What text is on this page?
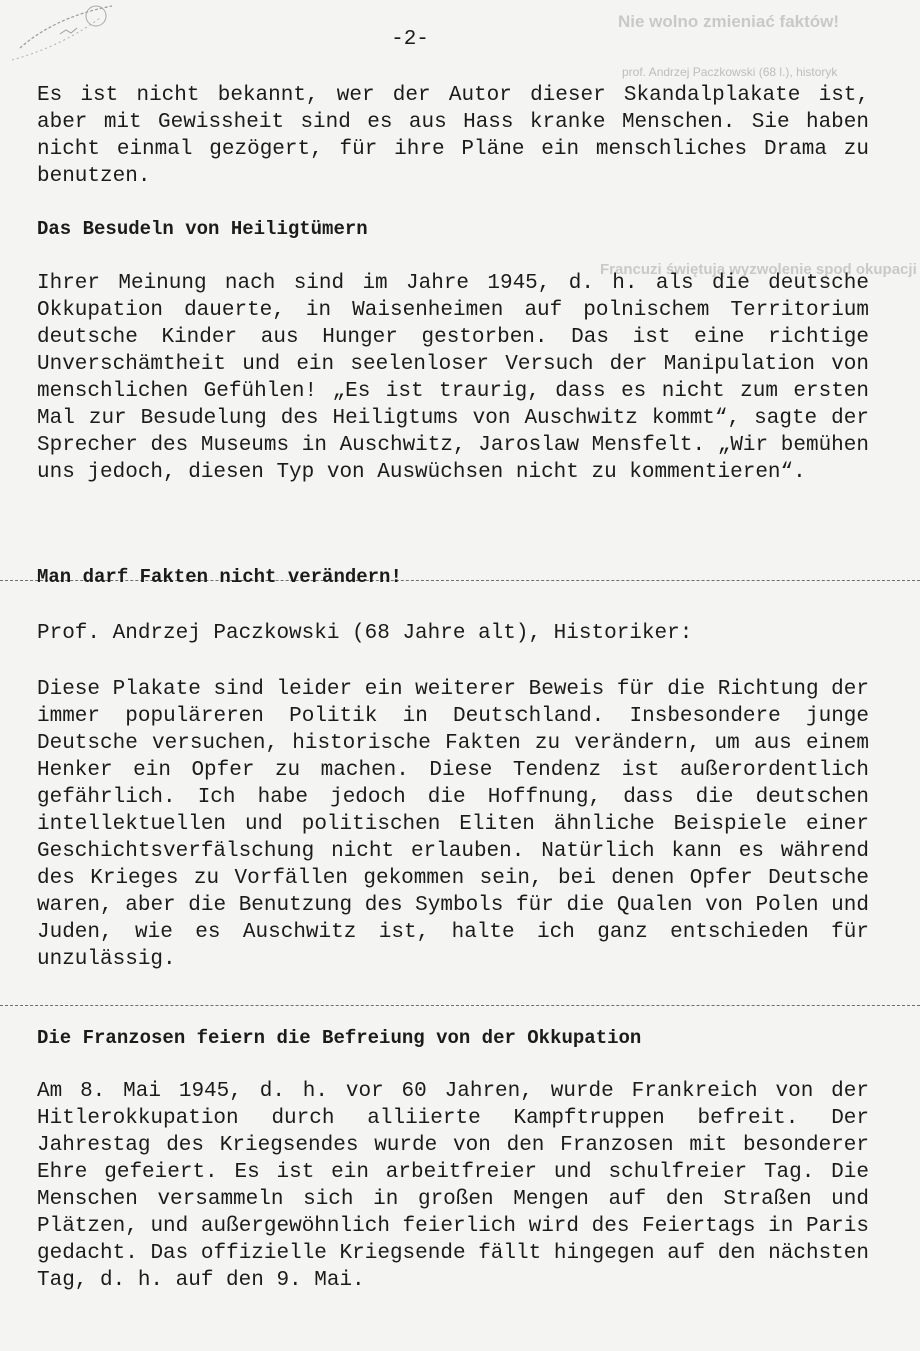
Nie wolno zmieniać faktów!
prof. Andrzej Paczkowski (68 l.), historyk
Francuzi świętują wyzwolenie spod okupacji
-2-

Es ist nicht bekannt, wer der Autor dieser Skandalplakate ist, aber mit Gewissheit sind es aus Hass kranke Menschen. Sie haben nicht einmal gezögert, für ihre Pläne ein menschliches Drama zu benutzen.

Das Besudeln von Heiligtümern

Ihrer Meinung nach sind im Jahre 1945, d. h. als die deutsche Okkupation dauerte, in Waisenheimen auf polnischem Territorium deutsche Kinder aus Hunger gestorben. Das ist eine richtige Unverschämtheit und ein seelenloser Versuch der Manipulation von menschlichen Gefühlen! „Es ist traurig, dass es nicht zum ersten Mal zur Besudelung des Heiligtums von Auschwitz kommt“, sagte der Sprecher des Museums in Auschwitz, Jaroslaw Mensfelt. „Wir bemühen uns jedoch, diesen Typ von Auswüchsen nicht zu kommentieren“.

Man darf Fakten nicht verändern!

Prof. Andrzej Paczkowski (68 Jahre alt), Historiker:

Diese Plakate sind leider ein weiterer Beweis für die Richtung der immer populäreren Politik in Deutschland. Insbesondere junge Deutsche versuchen, historische Fakten zu verändern, um aus einem Henker ein Opfer zu machen. Diese Tendenz ist außerordentlich gefährlich. Ich habe jedoch die Hoffnung, dass die deutschen intellektuellen und politischen Eliten ähnliche Beispiele einer Geschichtsverfälschung nicht erlauben. Natürlich kann es während des Krieges zu Vorfällen gekommen sein, bei denen Opfer Deutsche waren, aber die Benutzung des Symbols für die Qualen von Polen und Juden, wie es Auschwitz ist, halte ich ganz entschieden für unzulässig.

Die Franzosen feiern die Befreiung von der Okkupation

Am 8. Mai 1945, d. h. vor 60 Jahren, wurde Frankreich von der Hitlerokkupation durch alliierte Kampftruppen befreit. Der Jahrestag des Kriegsendes wurde von den Franzosen mit besonderer Ehre gefeiert. Es ist ein arbeitfreier und schulfreier Tag. Die Menschen versammeln sich in großen Mengen auf den Straßen und Plätzen, und außergewöhnlich feierlich wird des Feiertags in Paris gedacht. Das offizielle Kriegsende fällt hingegen auf den nächsten Tag, d. h. auf den 9. Mai.
